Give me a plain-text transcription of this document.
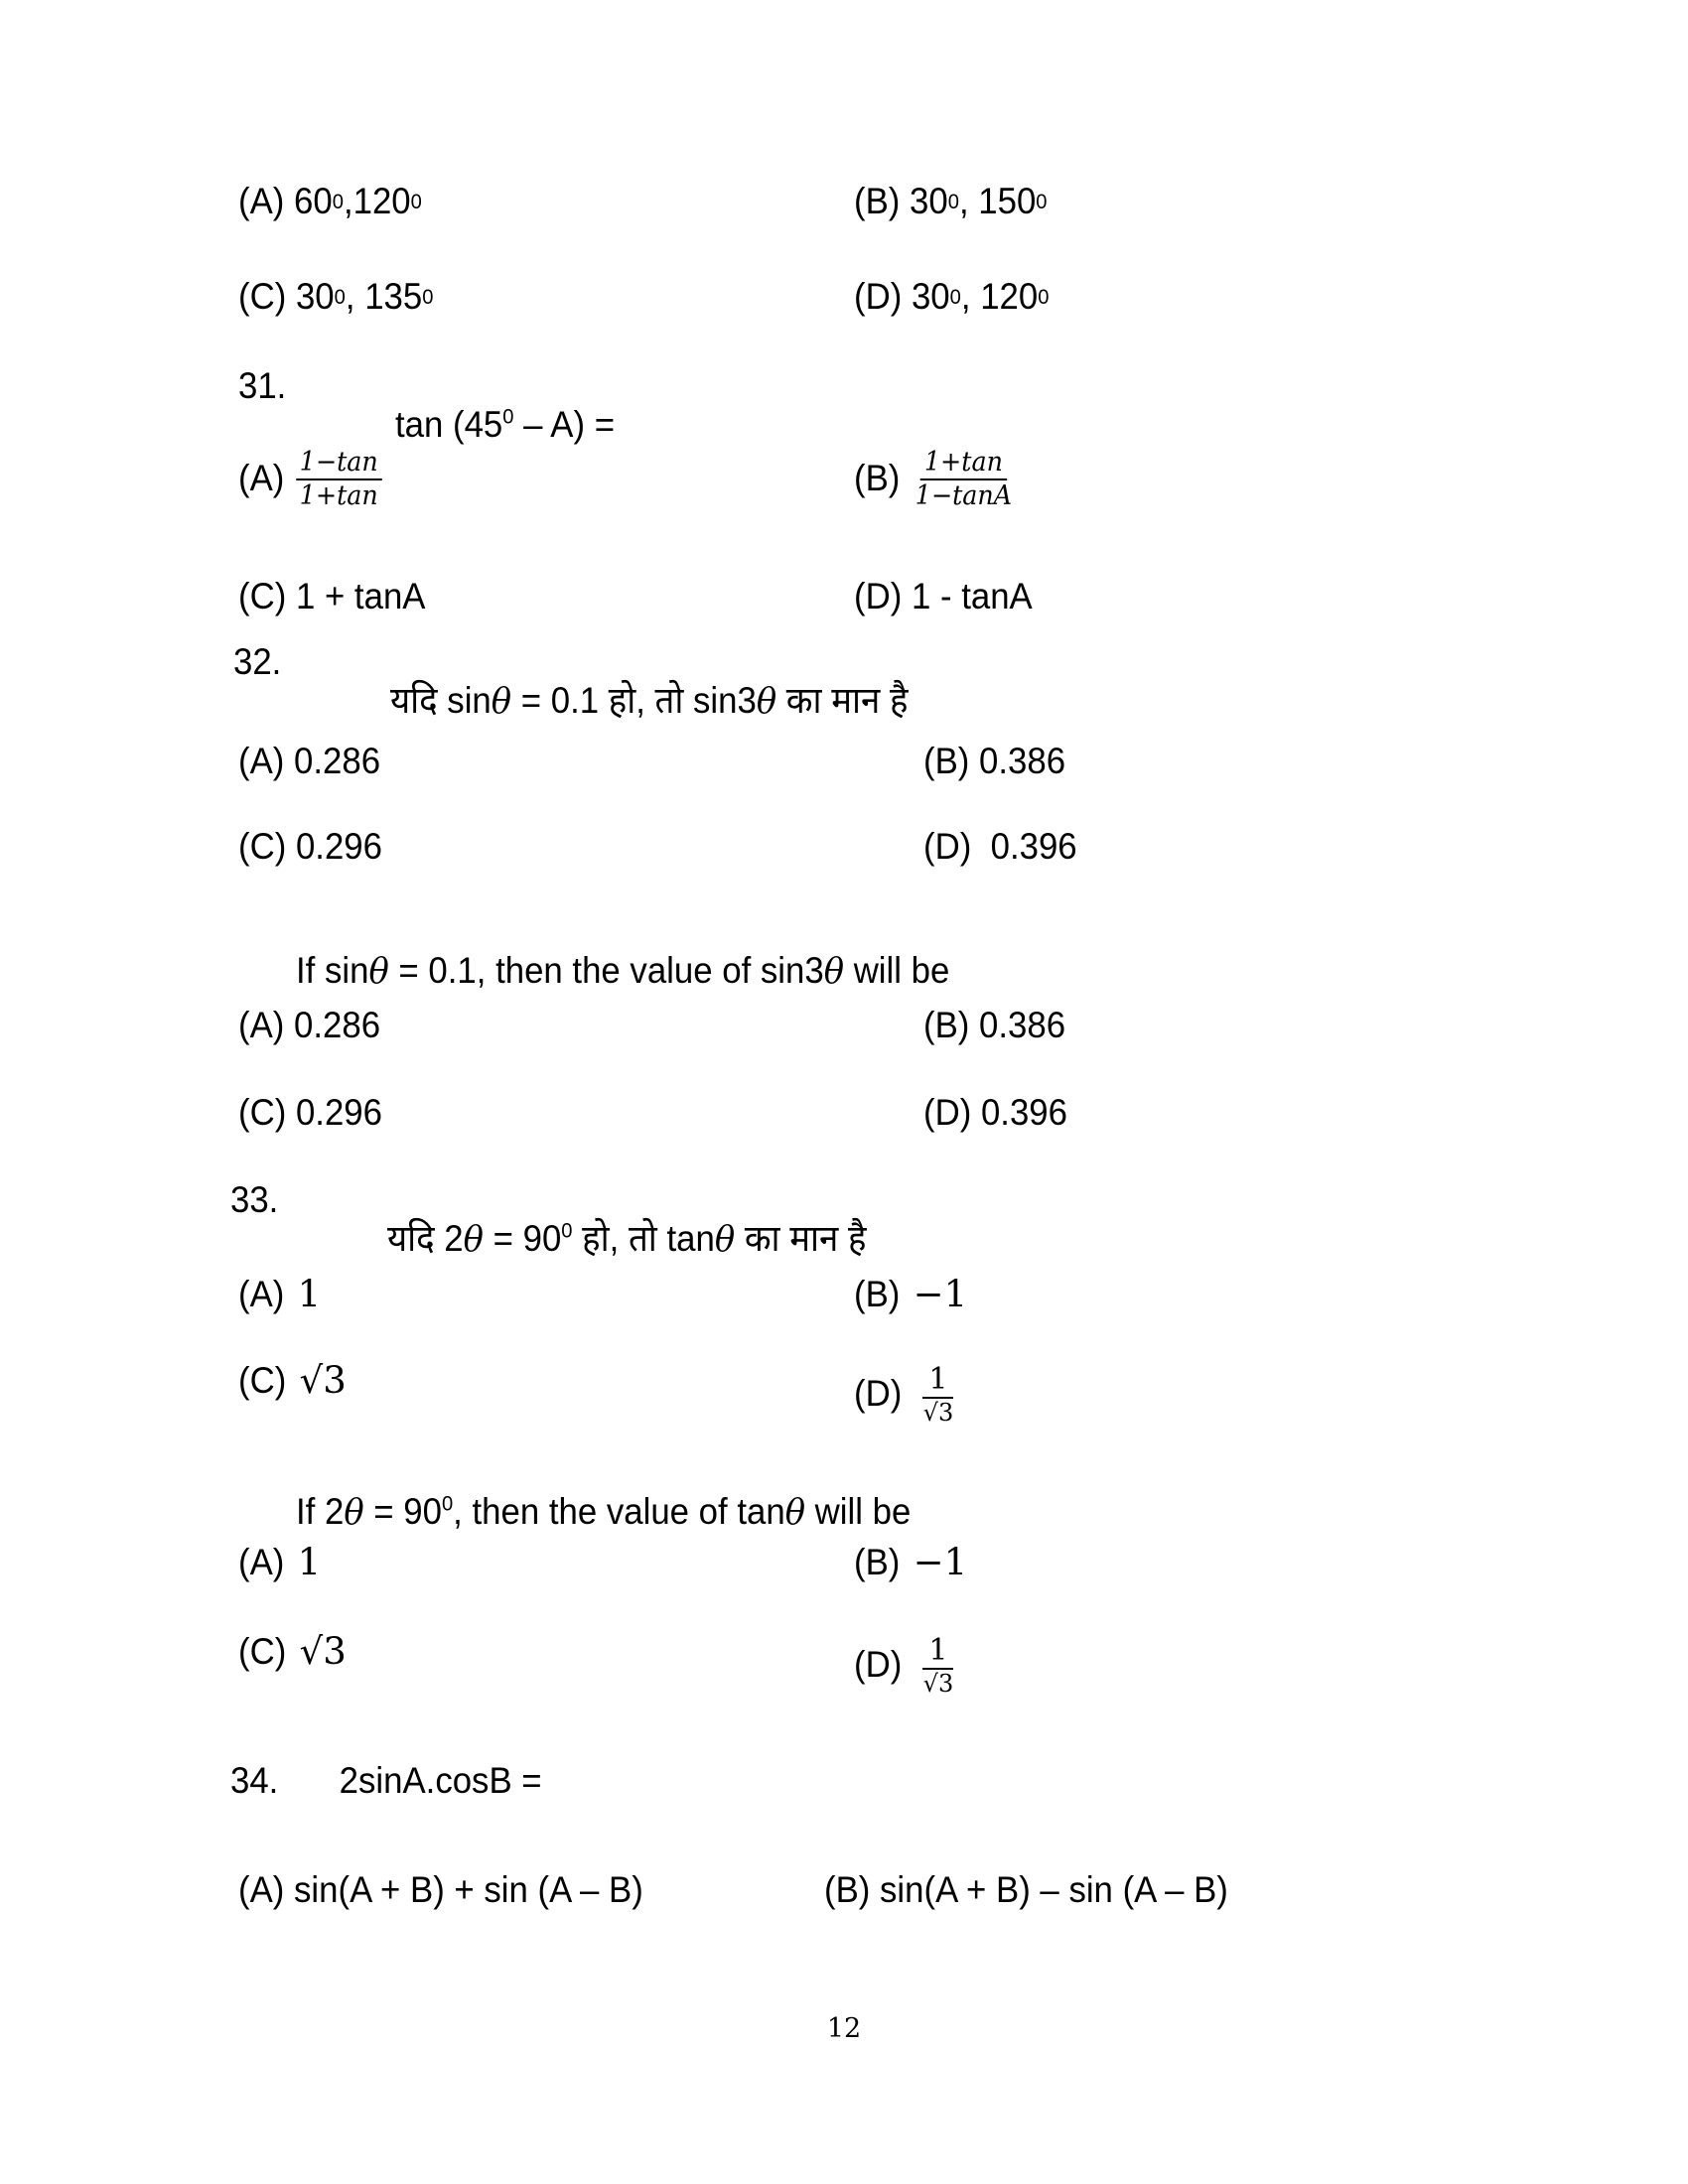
(A)
60 0 ,120 0	(B)
30 0 , 150 0
(C)
30 0 , 135 0	(D)
30 0 , 120 0
31.

$\tan (45^0 - A)$ =

(A)
$\frac{1-\tan}{1+\tan}$	(B)
$\frac{1+\tan}{1-\tan A}$
(C)
1 + tanA	(D)
1 - tanA
32.

यदि sinθ = 0.1 हो, तो sin3θ का मान है

(A)
0.286	(B)
0.386
(C)
0.296	(D)
0.396

If sinθ = 0.1, then the value of sin3θ will be

(A)
0.286	(B)
0.386
(C)
0.296	(D)
0.396
33.

यदि $2\theta = 90^0$ हो, तो tanθ का मान है

(A)
1	(B)
−1
(C)
√3	(D)
$\frac{1}{√3}$

If $2\theta = 90^0$, then the value of tanθ will be

(A)
1	(B)
−1
(C)
√3	(D)
$\frac{1}{√3}$
34.	2sinA.cosB =
(A)
sin(A + B) + sin (A – B)	(B)
sin(A + B) – sin (A – B)
12
